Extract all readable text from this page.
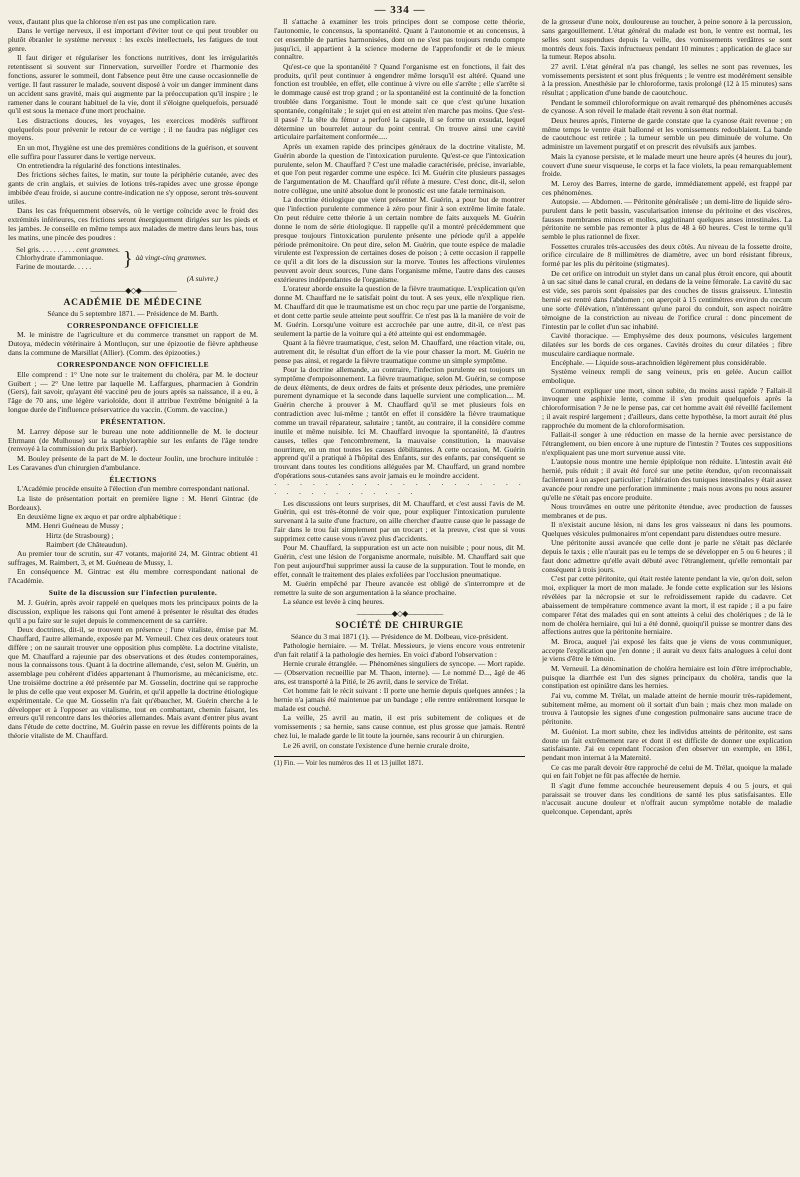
— 334 —

veux, d'autant plus que la chlorose n'en est pas une complication rare.

Dans le vertige nerveux, il est important d'éviter tout ce qui peut troubler ou plutôt ébranler le système nerveux : les excès intellectuels, les fatigues de tout genre.

Il faut diriger et régulariser les fonctions nutritives, dont les irrégularités retentissent si souvent sur l'innervation, surveiller l'ordre et l'harmonie des fonctions, assurer le sommeil, dont l'absence peut être une cause occasionnelle de vertige. Il faut rassurer le malade, souvent disposé à voir un danger imminent dans un accident sans gravité, mais qui augmente par la préoccupation qu'il inspire ; le ramener dans le courant habituel de la vie, dont il s'éloigne quelquefois, persuadé qu'il est sous la menace d'une mort prochaine.

Les distractions douces, les voyages, les exercices modérés suffiront quelquefois pour prévenir le retour de ce vertige ; il ne faudra pas négliger ces moyens.

En un mot, l'hygiène est une des premières conditions de la guérison, et souvent elle suffira pour l'assurer dans le vertige nerveux.

On entretiendra la régularité des fonctions intestinales.

Des frictions sèches faites, le matin, sur toute la périphérie cutanée, avec des gants de crin anglais, et suivies de lotions très-rapides avec une grosse éponge imbibée d'eau froide, si aucune contre-indication ne s'y oppose, seront très-souvent utiles.

Dans les cas fréquemment observés, où le vertige coïncide avec le froid des extrémités inférieures, ces frictions seront énergiquement dirigées sur les pieds et les jambes. Je conseille en même temps aux malades de mettre dans leurs bas, tous les matins, une pincée des poudres :

Sel gris. . . . . . . . . . cent grammes.
Chlorhydrate d'ammoniaque.
Farine de moutarde. . . . .	} àà vingt-cinq grammes.

(A suivre.)

―――――◆◇◆―――――
ACADÉMIE DE MÉDECINE

Séance du 5 septembre 1871. — Présidence de M. Barth.

CORRESPONDANCE OFFICIELLE

M. le ministre de l'agriculture et du commerce transmet un rapport de M. Dutoya, médecin vétérinaire à Montluçon, sur une épizootie de fièvre aphtheuse dans la commune de Marsillat (Allier). (Comm. des épizooties.)

CORRESPONDANCE NON OFFICIELLE

Elle comprend : 1° Une note sur le traitement du choléra, par M. le docteur Guibert ; — 2° Une lettre par laquelle M. Laffargues, pharmacien à Gondrin (Gers), fait savoir, qu'ayant été vacciné peu de jours après sa naissance, il a eu, à l'âge de 70 ans, une légère varioloïde, dont il attribue l'extrême bénignité à la longue durée de l'influence préservatrice du vaccin. (Comm. de vaccine.)

PRÉSENTATION.

M. Larrey dépose sur le bureau une note additionnelle de M. le docteur Ehrmann (de Mulhouse) sur la staphylorraphie sur les enfants de l'âge tendre (renvoyé à la commission du prix Barbier).

M. Bouley présente de la part de M. le docteur Joulin, une brochure intitulée : Les Caravanes d'un chirurgien d'ambulance.

ÉLECTIONS

L'Académie procède ensuite à l'élection d'un membre correspondant national.

La liste de présentation portait en première ligne : M. Henri Gintrac (de Bordeaux).

En deuxième ligne ex æquo et par ordre alphabétique :

MM. Henri Guéneau de Mussy ;

Hirtz (de Strasbourg) ;

Raimbert (de Châteaudun).

Au premier tour de scrutin, sur 47 votants, majorité 24, M. Gintrac obtient 41 suffrages, M. Raimbert, 3, et M. Guéneau de Mussy, 1.

En conséquence M. Gintrac est élu membre correspondant national de l'Académie.

Suite de la discussion sur l'infection purulente.

M. J. Guérin, après avoir rappelé en quelques mots les principaux points de la discussion, explique les raisons qui l'ont amené à présenter le résultat des études qu'il a pu faire sur le sujet depuis le commencement de sa carrière.

Deux doctrines, dit-il, se trouvent en présence ; l'une vitaliste, émise par M. Chauffard, l'autre allemande, exposée par M. Verneuil. Chez ces deux orateurs tout diffère ; on ne saurait trouver une opposition plus complète. La doctrine vitaliste, que M. Chauffard a rajeunie par des observations et des études contemporaines, nous la connaissons tous. Quant à la doctrine allemande, c'est, selon M. Guérin, un assemblage peu cohérent d'idées appartenant à l'humorisme, au mécanicisme, etc. Une troisième doctrine a été présentée par M. Gosselin, doctrine qui se rapproche le plus de celle que veut exposer M. Guérin, et qu'il appelle la doctrine étiologique expérimentale. Ce que M. Gosselin n'a fait qu'ébaucher, M. Guérin cherche à le développer et à l'opposer au vitalisme, tout en combattant, chemin faisant, les erreurs qu'il rencontre dans les théories allemandes. Mais avant d'entrer plus avant dans l'étude de cette doctrine, M. Guérin passe en revue les différents points de la théorie vitaliste de M. Chauffard.

Il s'attache à examiner les trois principes dont se compose cette théorie, l'autonomie, le concensus, la spontanéité. Quant à l'autonomie et au concensus, à cet ensemble de parties harmonisées, dont on ne s'est pas toujours rendu compte jusqu'ici, il appartient à la science moderne de l'approfondir et de le mieux connaître.

Qu'est-ce que la spontanéité ? Quand l'organisme est en fonctions, il fait des produits, qu'il peut continuer à engendrer même lorsqu'il est altéré. Quand une fonction est troublée, en effet, elle continue à vivre ou elle s'arrête ; elle s'arrête si le dommage causé est trop grand ; or la spontanéité est la continuité de la fonction troublée dans l'organisme. Tout le monde sait ce que c'est qu'une luxation spontanée, congénitale ; le sujet qui en est atteint n'en marche pas moins. Que s'est-il passé ? la tête du fémur a perforé la capsule, il se forme un exsudat, lequel détermine un bourrelet autour du point central. On trouve ainsi une cavité articulaire parfaitement conformée.....

Après un examen rapide des principes généraux de la doctrine vitaliste, M. Guérin aborde la question de l'intoxication purulente. Qu'est-ce que l'intoxication purulente, selon M. Chauffard ? C'est une maladie caractérisée, précise, invariable, et que l'on peut regarder comme une espèce. Ici M. Guérin cite plusieurs passages de l'argumentation de M. Chauffard qu'il réfute à mesure. C'est donc, dit-il, selon notre collègue, une unité absolue dont le pronostic est une fatale terminaison.

La doctrine étiologique que vient présenter M. Guérin, a pour but de montrer que l'infection purulente commence à zéro pour finir à son extrême limite fatale. On peut réduire cette théorie à un certain nombre de faits auxquels M. Guérin donne le nom de série étiologique. Il rappelle qu'il a montré précédemment que presque toujours l'intoxication purulente présente une période qu'il a appelée période prémonitoire. On peut dire, selon M. Guérin, que toute espèce de maladie virulente est l'expression de certaines doses de poison ; à cette occasion il rappelle ce qu'il a dit lors de la discussion sur la morve. Toutes les affections virulentes peuvent avoir deux sources, l'une dans l'organisme même, l'autre dans des causes extérieures indépendantes de l'organisme.

L'orateur aborde ensuite la question de la fièvre traumatique. L'explication qu'en donne M. Chauffard ne le satisfait point du tout. A ses yeux, elle n'explique rien. M. Chauffard dit que le traumatisme est un choc reçu par une partie de l'organisme, et dont cette partie seule atteinte peut souffrir. Ce n'est pas là la manière de voir de M. Guérin. Lorsqu'une voiture est accrochée par une autre, dit-il, ce n'est pas seulement la partie de la voiture qui a été atteinte qui est endommagée.

Quant à la fièvre traumatique, c'est, selon M. Chauffard, une réaction vitale, ou, autrement dit, le résultat d'un effort de la vie pour chasser la mort. M. Guérin ne pense pas ainsi, et regarde la fièvre traumatique comme un simple symptôme.

Pour la doctrine allemande, au contraire, l'infection purulente est toujours un symptôme d'empoisonnement. La fièvre traumatique, selon M. Guérin, se compose de deux éléments, de deux ordres de faits et présente deux périodes, une première purement dynamique et la seconde dans laquelle survient une complication.... M. Guérin cherche à prouver à M. Chauffard qu'il se met plusieurs fois en contradiction avec lui-même ; tantôt en effet il considère la fièvre traumatique comme un travail réparateur, salutaire ; tantôt, au contraire, il la considère comme inutile et même nuisible. Ici M. Chauffard invoque la spontanéité, là d'autres causes, telles que l'encombrement, la mauvaise constitution, la mauvaise nourriture, en un mot toutes les causes débilitantes. A cette occasion, M. Guérin apprend qu'il a pratiqué à l'hôpital des Enfants, sur des enfants, par conséquent se trouvant dans toutes les conditions alléguées par M. Chauffard, un grand nombre d'opérations sous-cutanées sans avoir jamais eu le moindre accident.

· · · · · · · · · · · · · · · · · · · · · · · · · · · · · · · ·

Les discussions ont leurs surprises, dit M. Chauffard, et c'est aussi l'avis de M. Guérin, qui est très-étonné de voir que, pour expliquer l'intoxication purulente survenant à la suite d'une fracture, on aille chercher d'autre cause que le passage de l'air dans le trou fait simplement par un trocart ; et la preuve, c'est que si vous supprimez cette cause vous n'avez plus d'accidents.

Pour M. Chauffard, la suppuration est un acte non nuisible ; pour nous, dit M. Guérin, c'est une lésion de l'organisme anormale, nuisible. M. Chauffard sait que l'on peut aujourd'hui supprimer aussi la cause de la suppuration. Tout le monde, en effet, connaît le traitement des plaies exfoliées par l'occlusion pneumatique.

M. Guérin empêché par l'heure avancée est obligé de s'interrompre et de remettre la suite de son argumentation à la séance prochaine.

La séance est levée à cinq heures.

―――――◆◇◆―――――
SOCIÉTÉ DE CHIRURGIE

Séance du 3 mai 1871 (1). — Présidence de M. Dolbeau, vice-président.

Pathologie herniaire. — M. Trélat. Messieurs, je viens encore vous entretenir d'un fait relatif à la pathologie des hernies. En voici d'abord l'observation :

Hernie crurale étranglée. — Phénomènes singuliers de syncope. — Mort rapide. — (Observation recueillie par M. Thaon, interne). — Le nommé D..., âgé de 46 ans, est transporté à la Pitié, le 26 avril, dans le service de Trélat.

Cet homme fait le récit suivant : Il porte une hernie depuis quelques années ; la hernie n'a jamais été maintenue par un bandage ; elle rentre entièrement lorsque le malade est couché.

La veille, 25 avril au matin, il est pris subitement de coliques et de vomissements ; sa hernie, sans cause connue, est plus grosse que jamais. Rentré chez lui, le malade garde le lit toute la journée, sans recourir à un chirurgien.

Le 26 avril, on constate l'existence d'une hernie crurale droite,

(1) Fin. — Voir les numéros des 11 et 13 juillet 1871.

de la grosseur d'une noix, douloureuse au toucher, à peine sonore à la percussion, sans gargouillement. L'état général du malade est bon, le ventre est normal, les selles sont suspendues depuis la veille, des vomissements verdâtres se sont montrés deux fois. Taxis infructueux pendant 10 minutes ; application de glace sur la tumeur. Repos absolu.

27 avril. L'état général n'a pas changé, les selles ne sont pas revenues, les vomissements persistent et sont plus fréquents ; le ventre est modérément sensible à la pression. Anesthésie par le chloroforme, taxis prolongé (12 à 15 minutes) sans résultat ; application d'une bande de caoutchouc.

Pendant le sommeil chloroformique on avait remarqué des phénomènes accusés de cyanose. A son réveil le malade était revenu à son état normal.

Deux heures après, l'interne de garde constate que la cyanose était revenue ; en même temps le ventre était ballonné et les vomissements redoublaient. La bande de caoutchouc est retirée ; la tumeur semble un peu diminuée de volume. On administre un lavement purgatif et on prescrit des révulsifs aux jambes.

Mais la cyanose persiste, et le malade meurt une heure après (4 heures du jour), couvert d'une sueur visqueuse, le corps et la face violets, la peau remarquablement froide.

M. Leroy des Barres, interne de garde, immédiatement appelé, est frappé par ces phénomènes.

Autopsie. — Abdomen. — Péritonite généralisée ; un demi-litre de liquide séro-purulent dans le petit bassin, vascularisation intense du péritoine et des viscères, fausses membranes minces et molles, agglutinant quelques anses intestinales. La péritonite ne semble pas remonter à plus de 48 à 60 heures. C'est le terme qu'il semble le plus rationnel de fixer.

Fossettes crurales très-accusées des deux côtés. Au niveau de la fossette droite, orifice circulaire de 8 millimètres de diamètre, avec un bord résistant fibreux, formé par les plis du péritoine (stigmates).

De cet orifice on introduit un stylet dans un canal plus étroit encore, qui aboutit à un sac situé dans le canal crural, en dedans de la veine fémorale. La cavité du sac est vide, ses parois sont épaissies par des couches de tissus graisseux. L'intestin hernié est rentré dans l'abdomen ; on aperçoit à 15 centimètres environ du cœcum une sorte d'élévation, n'intéressant qu'une paroi du conduit, son aspect noirâtre témoigne de la constriction au niveau de l'orifice crural : donc pincement de l'intestin par le collet d'un sac inhabité.

Cavité thoracique. — Emphysème des deux poumons, vésicules largement dilatées sur les bords de ces organes. Cavités droites du cœur dilatées ; fibre musculaire cardiaque normale.

Encéphale. — Liquide sous-arachnoïdien légèrement plus considérable.

Système veineux rempli de sang veineux, pris en gelée. Aucun caillot embolique.

Comment expliquer une mort, sinon subite, du moins aussi rapide ? Fallait-il invoquer une asphixie lente, comme il s'en produit quelquefois après la chloroformisation ? Je ne le pense pas, car cet homme avait été réveillé facilement ; il avait respiré largement ; d'ailleurs, dans cette hypothèse, la mort aurait été plus rapprochée du moment de la chloroformisation.

Fallait-il songer à une réduction en masse de la hernie avec persistance de l'étranglement, ou bien encore à une rupture de l'intestin ? Toutes ces suppositions n'expliquaient pas une mort survenue aussi vite.

L'autopsie nous montre une hernie épiploïque non réduite. L'intestin avait été hernié, puis réduit ; il avait été forcé sur une petite étendue, qu'on reconnaissait facilement à un aspect particulier ; l'altération des tuniques intestinales y était assez avancée pour rendre une perforation imminente ; mais nous avons pu nous assurer qu'elle ne s'était pas encore produite.

Nous trouvâmes en outre une péritonite étendue, avec production de fausses membranes et de pus.

Il n'existait aucune lésion, ni dans les gros vaisseaux ni dans les poumons. Quelques vésicules pulmonaires m'ont cependant paru distendues outre mesure.

Une péritonite aussi avancée que celle dont je parle ne s'était pas déclarée depuis le taxis ; elle n'aurait pas eu le temps de se développer en 5 ou 6 heures ; il faut donc admettre qu'elle avait débuté avec l'étranglement, qu'elle remontait par conséquent à trois jours.

C'est par cette péritonite, qui était restée latente pendant la vie, qu'on doit, selon moi, expliquer la mort de mon malade. Je fonde cette explication sur les lésions révélées par la nécropsie et sur le refroidissement rapide du cadavre. Cet abaissement de température commence avant la mort, il est rapide ; il a pu faire comparer l'état des malades qui en sont atteints à celui des cholériques ; de là le nom de choléra herniaire, qui lui a été donné, quoiqu'il puisse se montrer dans des affections autres que la péritonite herniaire.

M. Broca, auquel j'ai exposé les faits que je viens de vous communiquer, accepte l'explication que j'en donne ; il aurait vu deux faits analogues à celui dont je viens d'être le témoin.

M. Verneuil. La dénomination de choléra herniaire est loin d'être irréprochable, puisque la diarrhée est l'un des signes principaux du choléra, tandis que la constipation est opiniâtre dans les hernies.

J'ai vu, comme M. Trélat, un malade atteint de hernie mourir très-rapidement, subitement même, au moment où il sortait d'un bain ; mais chez mon malade on trouva à l'autopsie les signes d'une congestion pulmonaire sans aucune trace de péritonite.

M. Guéniot. La mort subite, chez les individus atteints de péritonite, est sans doute un fait extrêmement rare et dont il est difficile de donner une explication satisfaisante. J'ai eu cependant l'occasion d'en observer un exemple, en 1861, pendant mon internat à la Maternité.

Ce cas me paraît devoir être rapproché de celui de M. Trélat, quoique la malade qui en fait l'objet ne fût pas affectée de hernie.

Il s'agit d'une femme accouchée heureusement depuis 4 ou 5 jours, et qui paraissait se trouver dans les conditions de santé les plus satisfaisantes. Elle n'accusait aucune douleur et n'offrait aucun symptôme notable de maladie quelconque. Cependant, après
